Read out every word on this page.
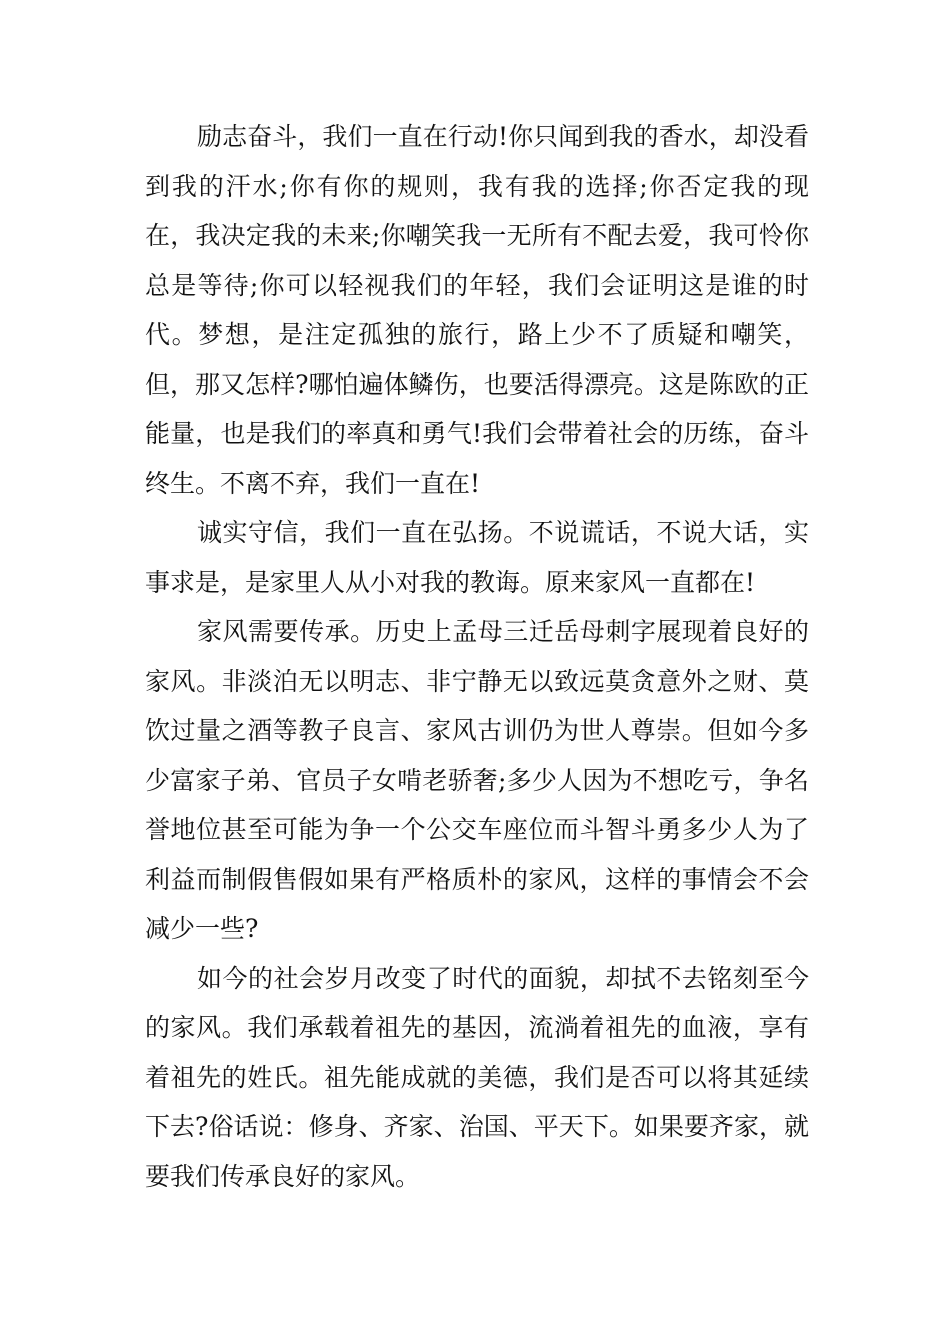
励志奋斗，我们一直在行动!你只闻到我的香水，却没看到我的汗水;你有你的规则，我有我的选择;你否定我的现在，我决定我的未来;你嘲笑我一无所有不配去爱，我可怜你总是等待;你可以轻视我们的年轻，我们会证明这是谁的时代。梦想，是注定孤独的旅行，路上少不了质疑和嘲笑，但，那又怎样?哪怕遍体鳞伤，也要活得漂亮。这是陈欧的正能量，也是我们的率真和勇气!我们会带着社会的历练，奋斗终生。不离不弃，我们一直在!

诚实守信，我们一直在弘扬。不说谎话，不说大话，实事求是，是家里人从小对我的教诲。原来家风一直都在!

家风需要传承。历史上孟母三迁岳母刺字展现着良好的家风。非淡泊无以明志、非宁静无以致远莫贪意外之财、莫饮过量之酒等教子良言、家风古训仍为世人尊崇。但如今多少富家子弟、官员子女啃老骄奢;多少人因为不想吃亏，争名誉地位甚至可能为争一个公交车座位而斗智斗勇多少人为了利益而制假售假如果有严格质朴的家风，这样的事情会不会减少一些?

如今的社会岁月改变了时代的面貌，却拭不去铭刻至今的家风。我们承载着祖先的基因，流淌着祖先的血液，享有着祖先的姓氏。祖先能成就的美德，我们是否可以将其延续下去?俗话说：修身、齐家、治国、平天下。如果要齐家，就要我们传承良好的家风。
